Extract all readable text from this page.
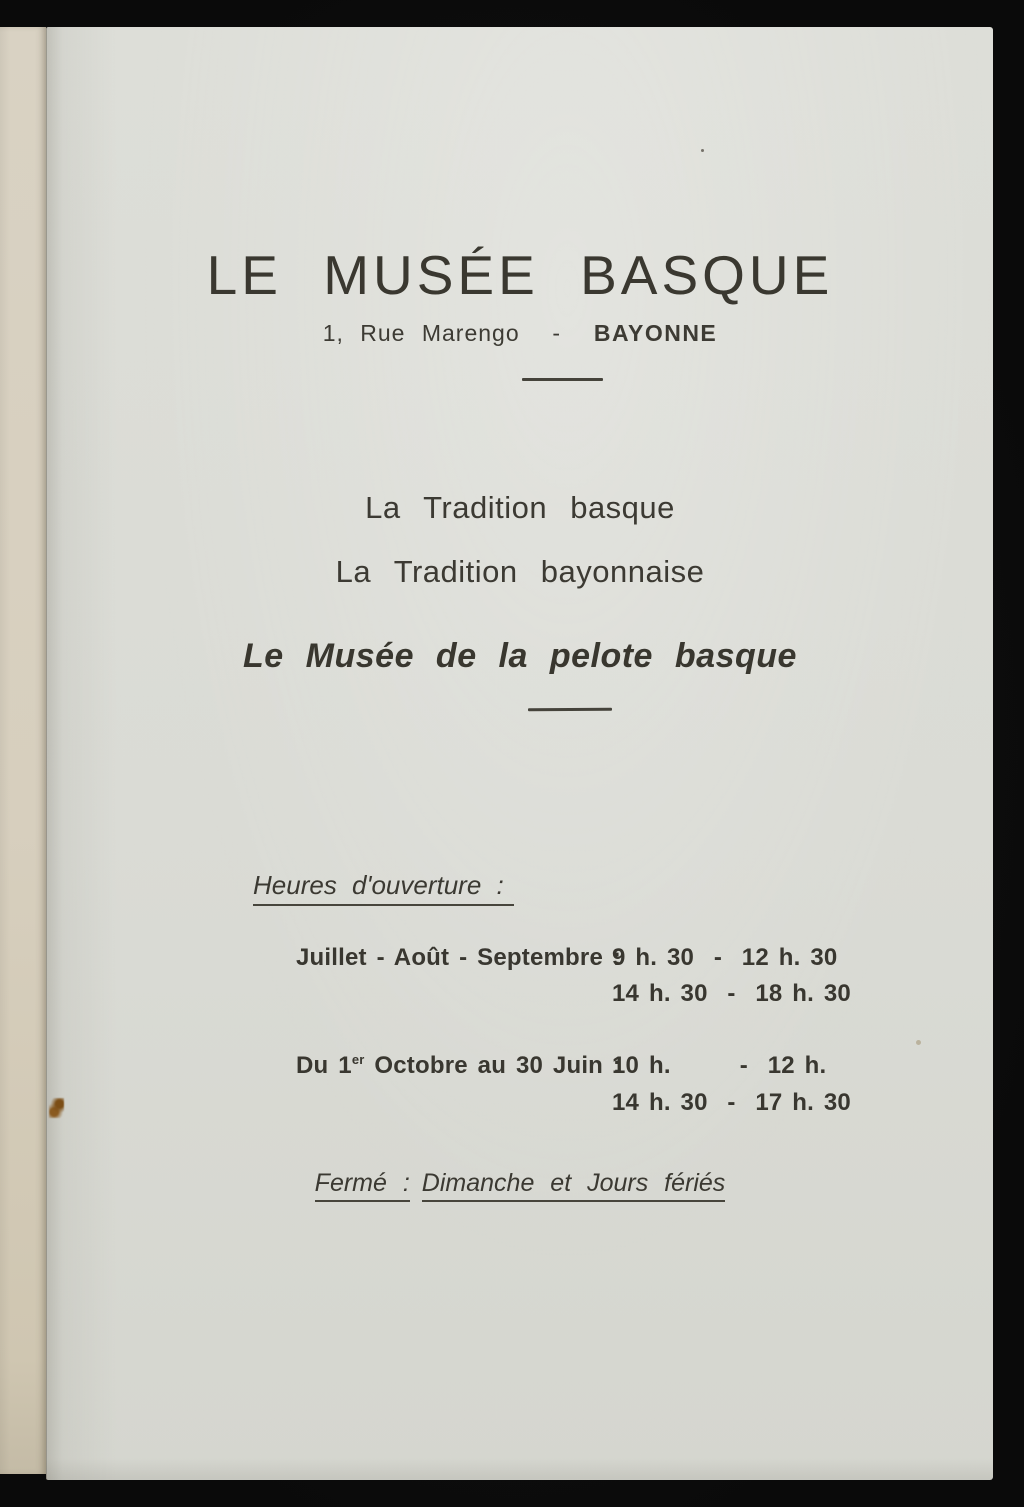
LE MUSÉE BASQUE
1, Rue Marengo - BAYONNE
La Tradition basque
La Tradition bayonnaise
Le Musée de la pelote basque
Heures d'ouverture :
Juillet - Août - Septembre :
9 h. 30  -  12 h. 30
14 h. 30  -  18 h. 30
Du 1er Octobre au 30 Juin :
10 h.       -  12 h.
14 h. 30  -  17 h. 30
Fermé : Dimanche et Jours fériés
